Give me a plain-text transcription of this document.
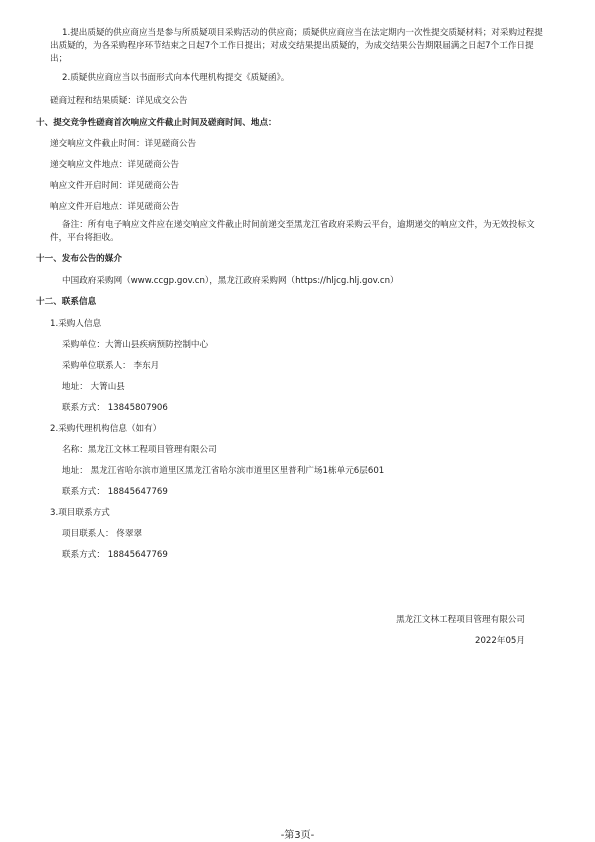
1.提出质疑的供应商应当是参与所质疑项目采购活动的供应商；质疑供应商应当在法定期内一次性提交质疑材料；对采购过程提出质疑的，为各采购程序环节结束之日起7个工作日提出；对成交结果提出质疑的，为成交结果公告期限届满之日起7个工作日提出；
2.质疑供应商应当以书面形式向本代理机构提交《质疑函》。
磋商过程和结果质疑：详见成交公告
十、提交竞争性磋商首次响应文件截止时间及磋商时间、地点：
递交响应文件截止时间：详见磋商公告
递交响应文件地点：详见磋商公告
响应文件开启时间：详见磋商公告
响应文件开启地点：详见磋商公告
备注：所有电子响应文件应在递交响应文件截止时间前递交至黑龙江省政府采购云平台，逾期递交的响应文件，为无效投标文件，平台将拒收。
十一、发布公告的媒介
中国政府采购网（www.ccgp.gov.cn），黑龙江政府采购网（https://hljcg.hlj.gov.cn）
十二、联系信息
1.采购人信息
采购单位：大箐山县疾病预防控制中心
采购单位联系人： 李东月
地址： 大箐山县
联系方式： 13845807906
2.采购代理机构信息（如有）
名称：黑龙江文林工程项目管理有限公司
地址： 黑龙江省哈尔滨市道里区黑龙江省哈尔滨市道里区里普利广场1栋单元6层601
联系方式： 18845647769
3.项目联系方式
项目联系人： 佟翠翠
联系方式： 18845647769
黑龙江文林工程项目管理有限公司
2022年05月
-第3页-
